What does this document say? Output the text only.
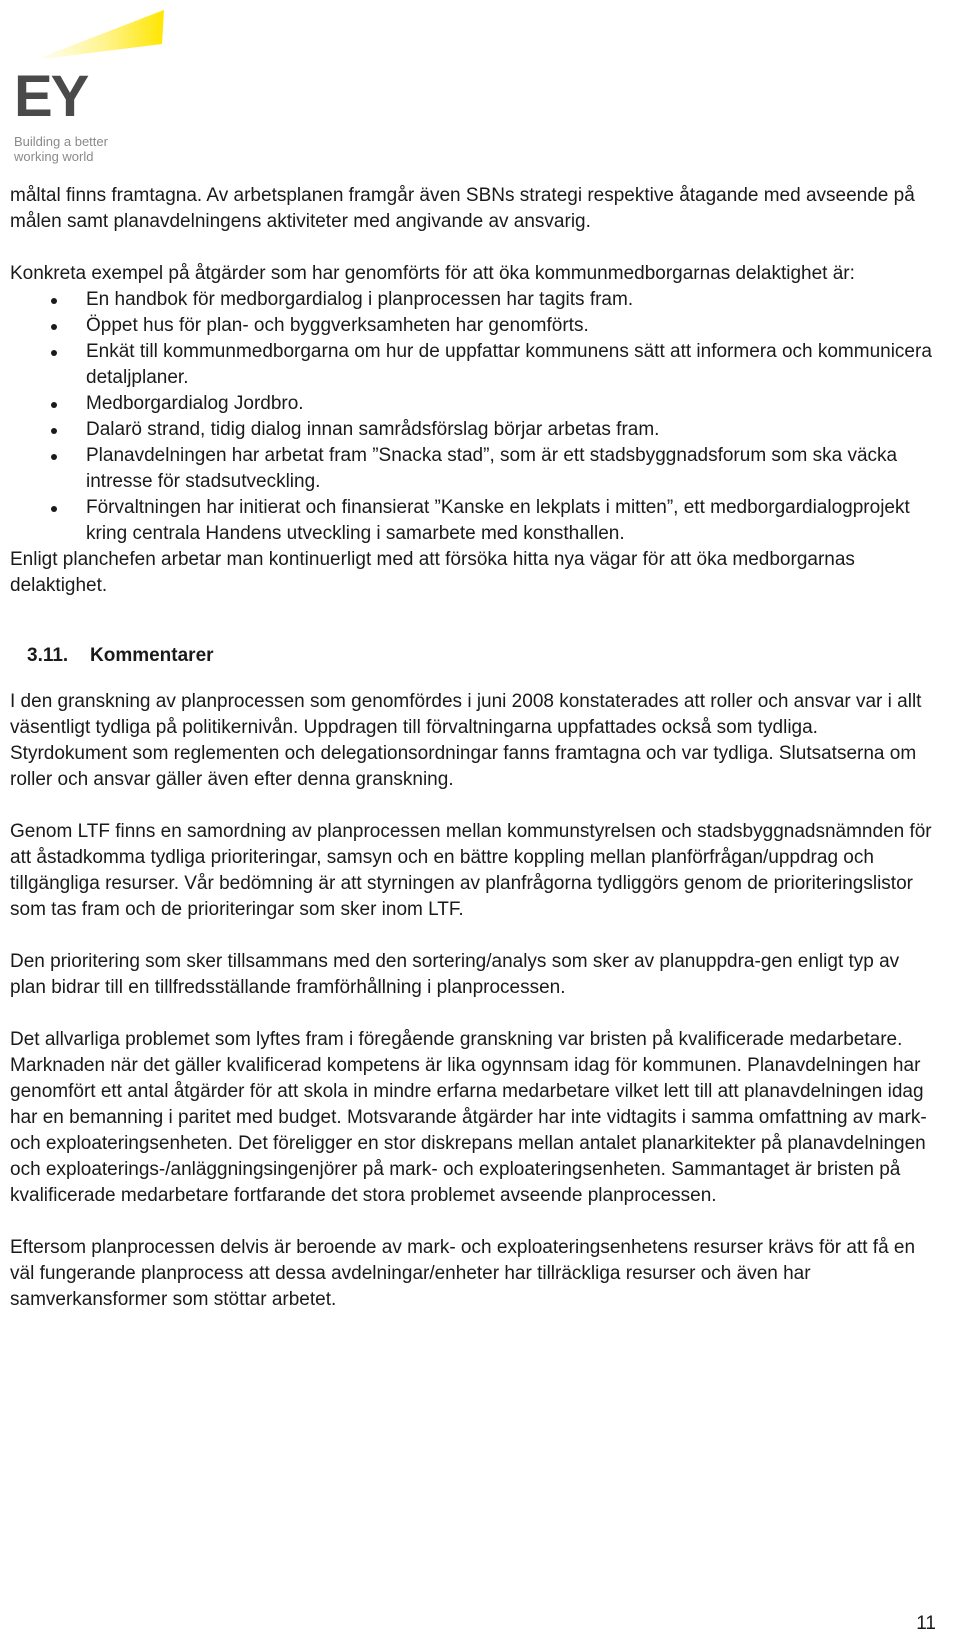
EY
Building a better
working world

måltal finns framtagna. Av arbetsplanen framgår även SBNs strategi respektive åtagande med avseende på målen samt planavdelningens aktiviteter med angivande av ansvarig.

Konkreta exempel på åtgärder som har genomförts för att öka kommunmedborgarnas delaktighet är:

En handbok för medborgardialog i planprocessen har tagits fram.
Öppet hus för plan- och byggverksamheten har genomförts.
Enkät till kommunmedborgarna om hur de uppfattar kommunens sätt att informera och kommunicera detaljplaner.
Medborgardialog Jordbro.
Dalarö strand, tidig dialog innan samrådsförslag börjar arbetas fram.
Planavdelningen har arbetat fram ”Snacka stad”, som är ett stadsbyggnadsforum som ska väcka intresse för stadsutveckling.
Förvaltningen har initierat och finansierat ”Kanske en lekplats i mitten”, ett medborgardialogprojekt kring centrala Handens utveckling i samarbete med konsthallen.

Enligt planchefen arbetar man kontinuerligt med att försöka hitta nya vägar för att öka medborgarnas delaktighet.

3.11. Kommentarer

I den granskning av planprocessen som genomfördes i juni 2008 konstaterades att roller och ansvar var i allt väsentligt tydliga på politikernivån. Uppdragen till förvaltningarna uppfattades också som tydliga. Styrdokument som reglementen och delegationsordningar fanns framtagna och var tydliga. Slutsatserna om roller och ansvar gäller även efter denna granskning.

Genom LTF finns en samordning av planprocessen mellan kommunstyrelsen och stadsbyggnadsnämnden för att åstadkomma tydliga prioriteringar, samsyn och en bättre koppling mellan planförfrågan/uppdrag och tillgängliga resurser. Vår bedömning är att styrningen av planfrågorna tydliggörs genom de prioriteringslistor som tas fram och de prioriteringar som sker inom LTF.

Den prioritering som sker tillsammans med den sortering/analys som sker av planuppdra-gen enligt typ av plan bidrar till en tillfredsställande framförhållning i planprocessen.

Det allvarliga problemet som lyftes fram i föregående granskning var bristen på kvalificerade medarbetare. Marknaden när det gäller kvalificerad kompetens är lika ogynnsam idag för kommunen. Planavdelningen har genomfört ett antal åtgärder för att skola in mindre erfarna medarbetare vilket lett till att planavdelningen idag har en bemanning i paritet med budget. Motsvarande åtgärder har inte vidtagits i samma omfattning av mark- och exploateringsenheten. Det föreligger en stor diskrepans mellan antalet planarkitekter på planavdelningen och exploaterings-/anläggningsingenjörer på mark- och exploateringsenheten. Sammantaget är bristen på kvalificerade medarbetare fortfarande det stora problemet avseende planprocessen.

Eftersom planprocessen delvis är beroende av mark- och exploateringsenhetens resurser krävs för att få en väl fungerande planprocess att dessa avdelningar/enheter har tillräckliga resurser och även har samverkansformer som stöttar arbetet.

11
